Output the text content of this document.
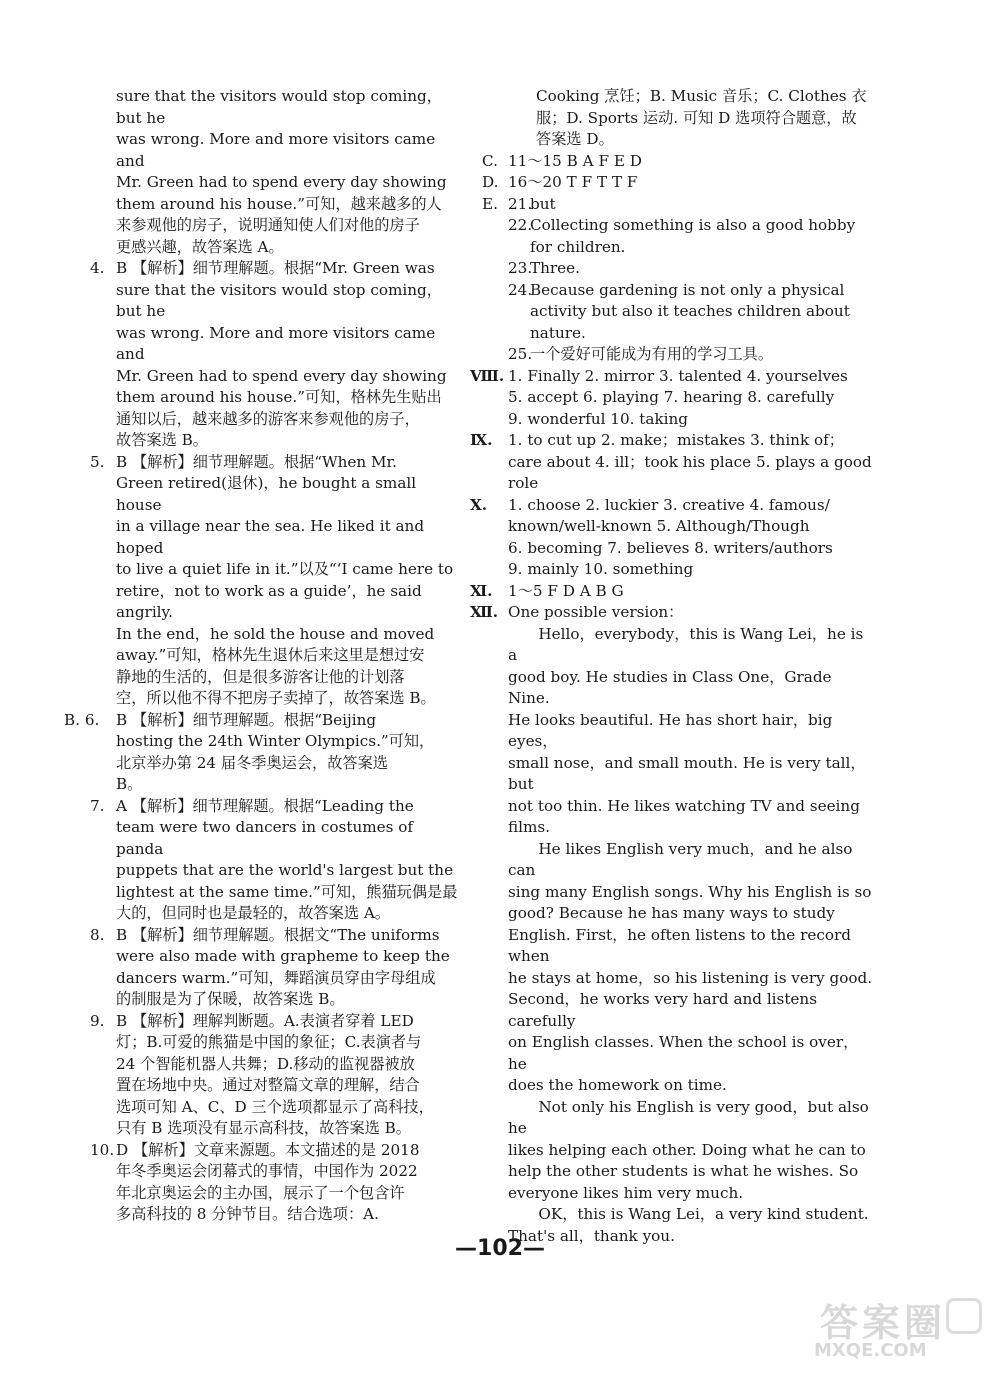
sure that the visitors would stop coming，but he
was wrong. More and more visitors came and
Mr. Green had to spend every day showing
them around his house.”可知，越来越多的人
来参观他的房子，说明通知使人们对他的房子
更感兴趣，故答案选 A。
4. B 【解析】细节理解题。根据“Mr. Green was
sure that the visitors would stop coming，but he
was wrong. More and more visitors came and
Mr. Green had to spend every day showing
them around his house.”可知，格林先生贴出
通知以后，越来越多的游客来参观他的房子，
故答案选 B。
5. B 【解析】细节理解题。根据“When Mr.
Green retired(退休)，he bought a small house
in a village near the sea. He liked it and hoped
to live a quiet life in it.”以及“‘I came here to
retire，not to work as a guide’，he said angrily.
In the end，he sold the house and moved
away.”可知，格林先生退休后来这里是想过安
静地的生活的，但是很多游客让他的计划落
空，所以他不得不把房子卖掉了，故答案选 B。
B. 6. B 【解析】细节理解题。根据“Beijing
hosting the 24th Winter Olympics.”可知，
北京举办第 24 届冬季奥运会，故答案选
B。
7. A 【解析】细节理解题。根据“Leading the
team were two dancers in costumes of panda
puppets that are the world's largest but the
lightest at the same time.”可知，熊猫玩偶是最
大的，但同时也是最轻的，故答案选 A。
8. B 【解析】细节理解题。根据文“The uniforms
were also made with grapheme to keep the
dancers warm.”可知，舞蹈演员穿由字母组成
的制服是为了保暖，故答案选 B。
9. B 【解析】理解判断题。A.表演者穿着 LED
灯；B.可爱的熊猫是中国的象征；C.表演者与
24 个智能机器人共舞；D.移动的监视器被放
置在场地中央。通过对整篇文章的理解，结合
选项可知 A、C、D 三个选项都显示了高科技，
只有 B 选项没有显示高科技，故答案选 B。
10. D 【解析】文章来源题。本文描述的是 2018
年冬季奥运会闭幕式的事情，中国作为 2022
年北京奥运会的主办国，展示了一个包含许
多高科技的 8 分钟节目。结合选项：A.
Cooking 烹饪；B. Music 音乐；C. Clothes 衣
服；D. Sports 运动. 可知 D 选项符合题意，故
答案选 D。
C. 11～15 B A F E D
D. 16～20 T F T T F
E. 21.
but
22.
Collecting something is also a good hobby
for children.
23.
Three.
24.
Because gardening is not only a physical
activity but also it teaches children about
nature.
25.
一个爱好可能成为有用的学习工具。
Ⅷ. 1. Finally 2. mirror 3. talented 4. yourselves
5. accept 6. playing 7. hearing 8. carefully
9. wonderful 10. taking
Ⅸ. 1. to cut up 2. make；mistakes 3. think of；
care about 4. ill；took his place 5. plays a good
role
Ⅹ. 1. choose 2. luckier 3. creative 4. famous/
known/well-known 5. Although/Though
6. becoming 7. believes 8. writers/authors
9. mainly 10. something
Ⅺ. 1～5 F D A B G
Ⅻ. One possible version：
Hello，everybody，this is Wang Lei，he is a
good boy. He studies in Class One，Grade Nine.
He looks beautiful. He has short hair，big eyes，
small nose，and small mouth. He is very tall，but
not too thin. He likes watching TV and seeing
films.
He likes English very much，and he also can
sing many English songs. Why his English is so
good? Because he has many ways to study
English. First，he often listens to the record when
he stays at home，so his listening is very good.
Second，he works very hard and listens carefully
on English classes. When the school is over，he
does the homework on time.
Not only his English is very good，but also he
likes helping each other. Doing what he can to
help the other students is what he wishes. So
everyone likes him very much.
OK，this is Wang Lei，a very kind student.
That's all，thank you.
—102—
答案圈
MXQE.COM
